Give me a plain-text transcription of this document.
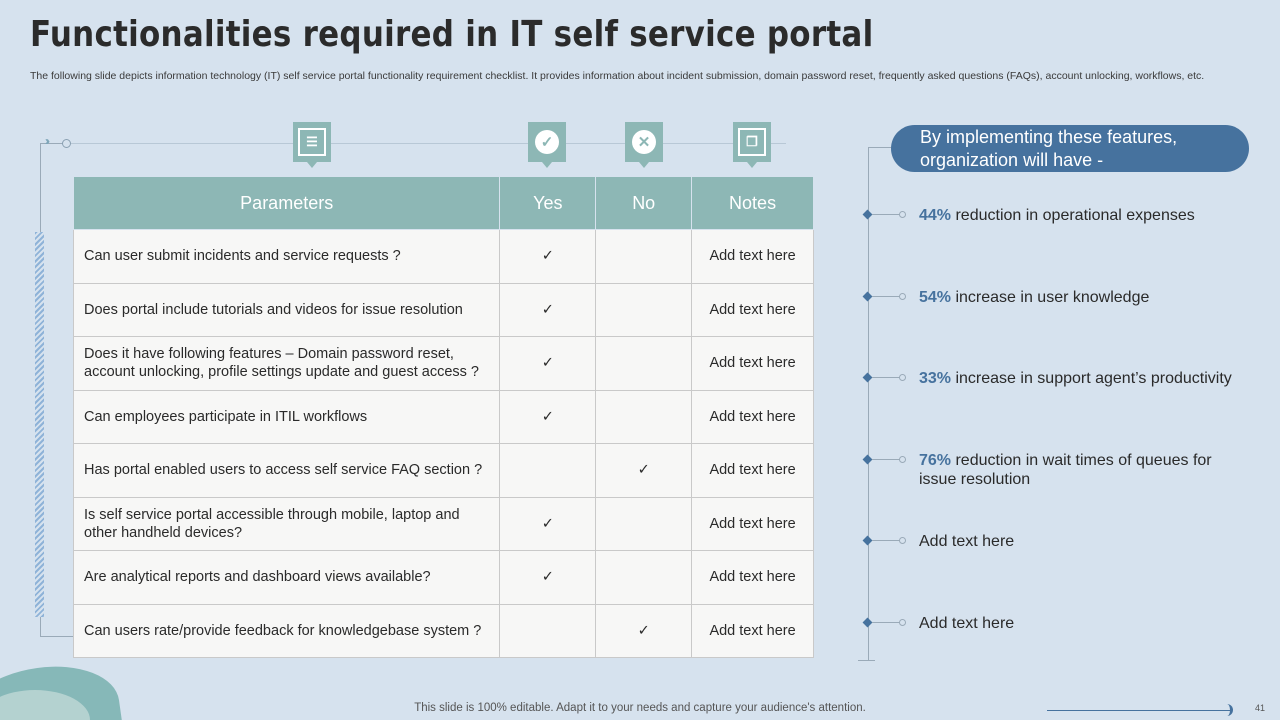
Functionalities required in IT self service portal
The following slide depicts information technology (IT) self service portal functionality requirement checklist. It provides information about incident submission, domain password reset, frequently asked questions (FAQs), account unlocking, workflows, etc.
››	☰	✓	✕	❐
Parameters	Yes	No	Notes
Can user submit incidents and service requests ?	✓		Add text here
Does portal include tutorials and videos for issue resolution	✓		Add text here
Does it have following features – Domain password reset, account unlocking, profile settings update and guest access ?	✓		Add text here
Can employees participate in ITIL workflows	✓		Add text here
Has portal enabled users to access self service FAQ section ?		✓	Add text here
Is self service portal accessible through mobile, laptop and other handheld devices?	✓		Add text here
Are analytical reports and dashboard views available?	✓		Add text here
Can users rate/provide feedback for knowledgebase system ?		✓	Add text here
By implementing these features, organization will have -
44% reduction in operational expenses
54% increase in user knowledge
33% increase in support agent’s productivity
76% reduction in wait times of queues for issue resolution
Add text here
Add text here
This slide is 100% editable. Adapt it to your needs and capture your audience's attention.	41
